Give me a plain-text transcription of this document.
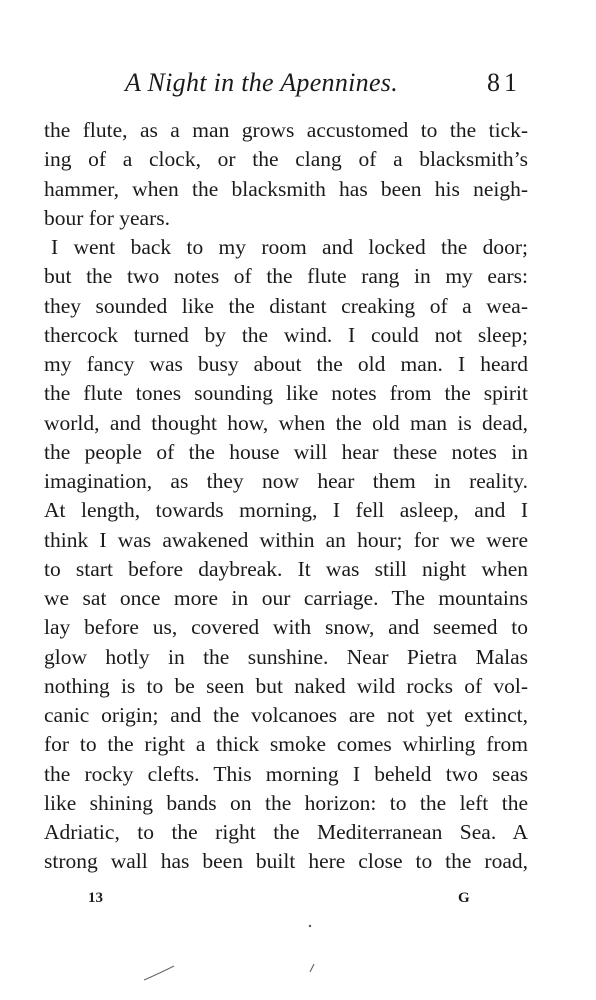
A Night in the Apennines.	81
the flute, as a man grows accustomed to the tick-
ing of a clock, or the clang of a blacksmith’s
hammer, when the blacksmith has been his neigh-
bour for years.
I went back to my room and locked the door;
but the two notes of the flute rang in my ears:
they sounded like the distant creaking of a wea-
thercock turned by the wind. I could not sleep;
my fancy was busy about the old man. I heard
the flute tones sounding like notes from the spirit
world, and thought how, when the old man is dead,
the people of the house will hear these notes in
imagination, as they now hear them in reality.
At length, towards morning, I fell asleep, and I
think I was awakened within an hour; for we were
to start before daybreak. It was still night when
we sat once more in our carriage. The mountains
lay before us, covered with snow, and seemed to
glow hotly in the sunshine. Near Pietra Malas
nothing is to be seen but naked wild rocks of vol-
canic origin; and the volcanoes are not yet extinct,
for to the right a thick smoke comes whirling from
the rocky clefts. This morning I beheld two seas
like shining bands on the horizon: to the left the
Adriatic, to the right the Mediterranean Sea. A
strong wall has been built here close to the road,
13	G
